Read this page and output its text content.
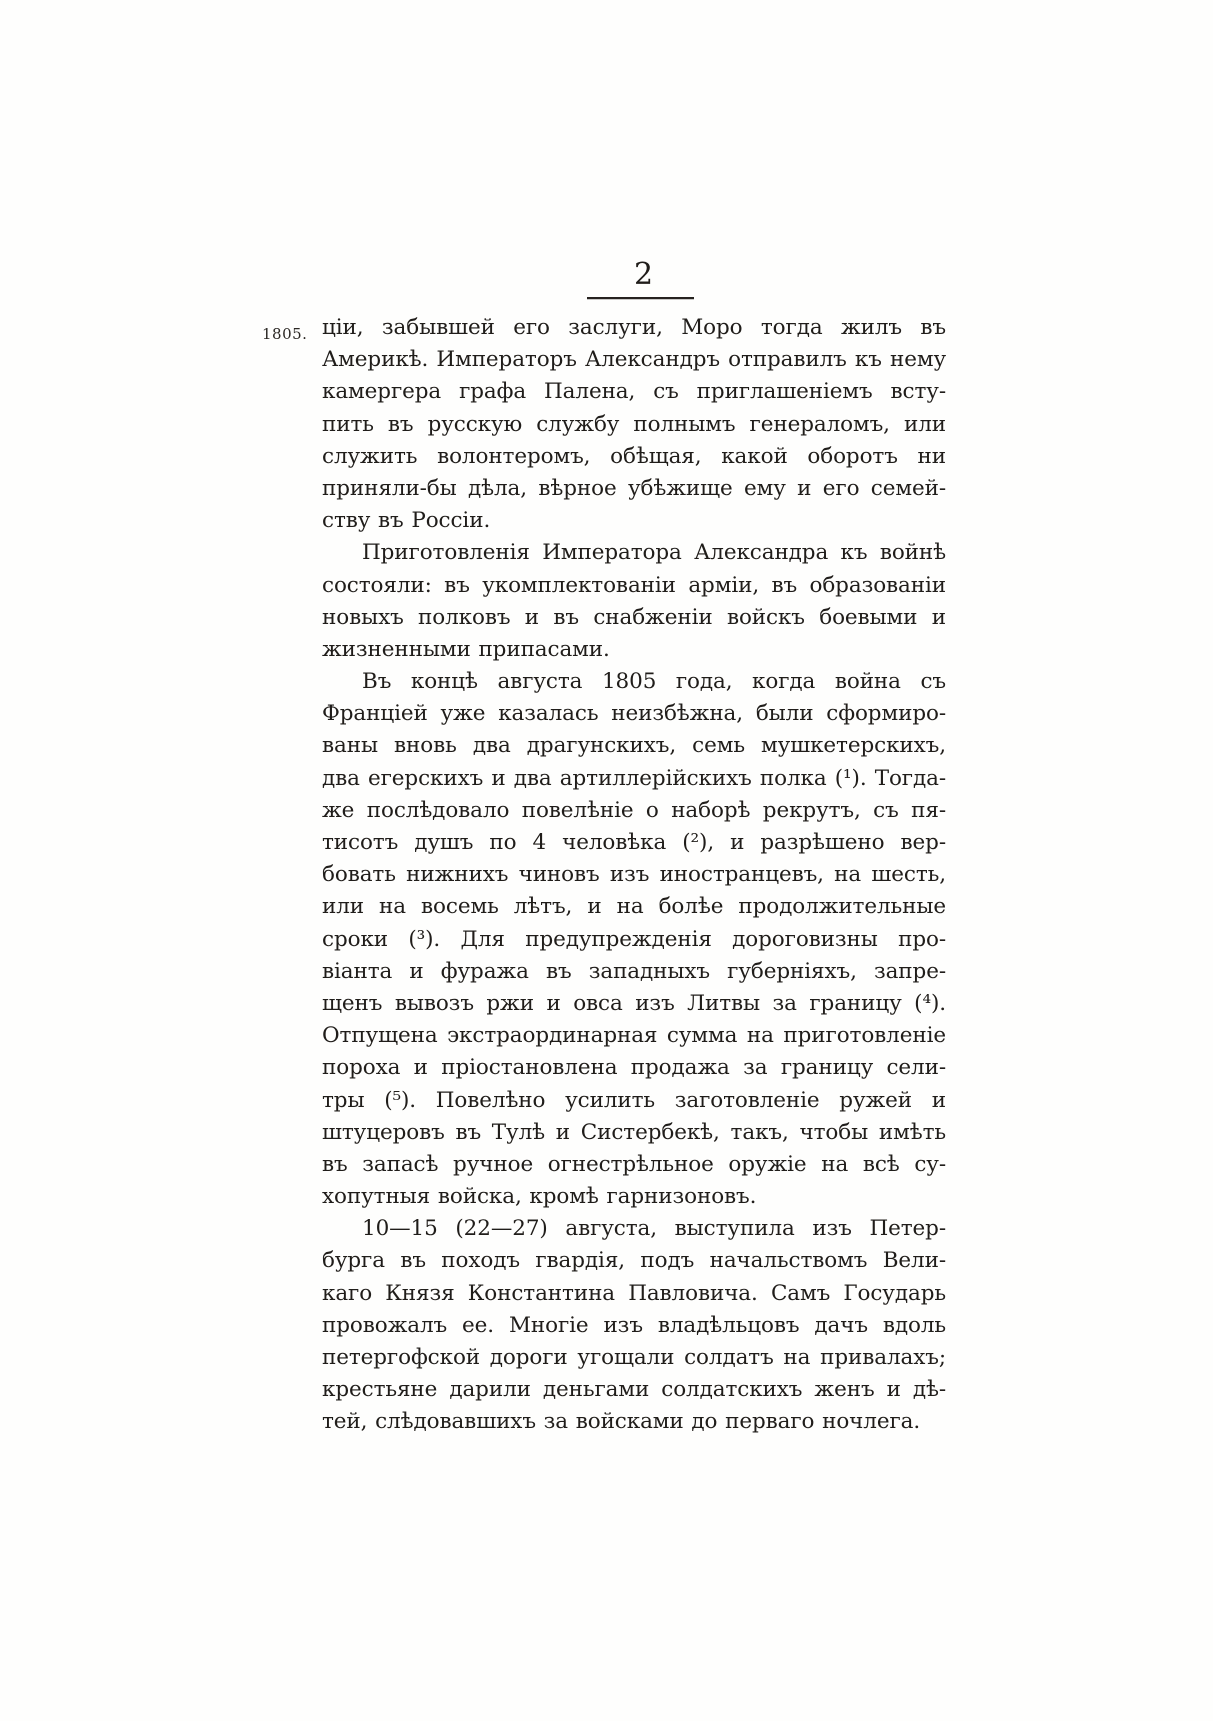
2
1805. ціи, забывшей его заслуги, Моро тогда жилъ въ
Америкѣ. Императоръ Александръ отправилъ къ нему
камергера графа Палена, съ приглашеніемъ всту-
пить въ русскую службу полнымъ генераломъ, или
служить волонтеромъ, обѣщая, какой оборотъ ни
приняли-бы дѣла, вѣрное убѣжище ему и его семей-
ству въ Россіи.
Приготовленія Императора Александра къ войнѣ
состояли: въ укомплектованіи арміи, въ образованіи
новыхъ полковъ и въ снабженіи войскъ боевыми и
жизненными припасами.
Въ концѣ августа 1805 года, когда война съ
Франціей уже казалась неизбѣжна, были сформиро-
ваны вновь два драгунскихъ, семь мушкетерскихъ,
два егерскихъ и два артиллерійскихъ полка (¹). Тогда-
же послѣдовало повелѣніе о наборѣ рекрутъ, съ пя-
тисотъ душъ по 4 человѣка (²), и разрѣшено вер-
бовать нижнихъ чиновъ изъ иностранцевъ, на шесть,
или на восемь лѣтъ, и на болѣе продолжительные
сроки (³). Для предупрежденія дороговизны про-
віанта и фуража въ западныхъ губерніяхъ, запре-
щенъ вывозъ ржи и овса изъ Литвы за границу (⁴).
Отпущена экстраординарная сумма на приготовленіе
пороха и пріостановлена продажа за границу сели-
тры (⁵). Повелѣно усилить заготовленіе ружей и
штуцеровъ въ Тулѣ и Систербекѣ, такъ, чтобы имѣть
въ запасѣ ручное огнестрѣльное оружіе на всѣ су-
хопутныя войска, кромѣ гарнизоновъ.
10—15 (22—27) августа, выступила изъ Петер-
бурга въ походъ гвардія, подъ начальствомъ Вели-
каго Князя Константина Павловича. Самъ Государь
провожалъ ее. Многіе изъ владѣльцовъ дачъ вдоль
петергофской дороги угощали солдатъ на привалахъ;
крестьяне дарили деньгами солдатскихъ женъ и дѣ-
тей, слѣдовавшихъ за войсками до перваго ночлега.
